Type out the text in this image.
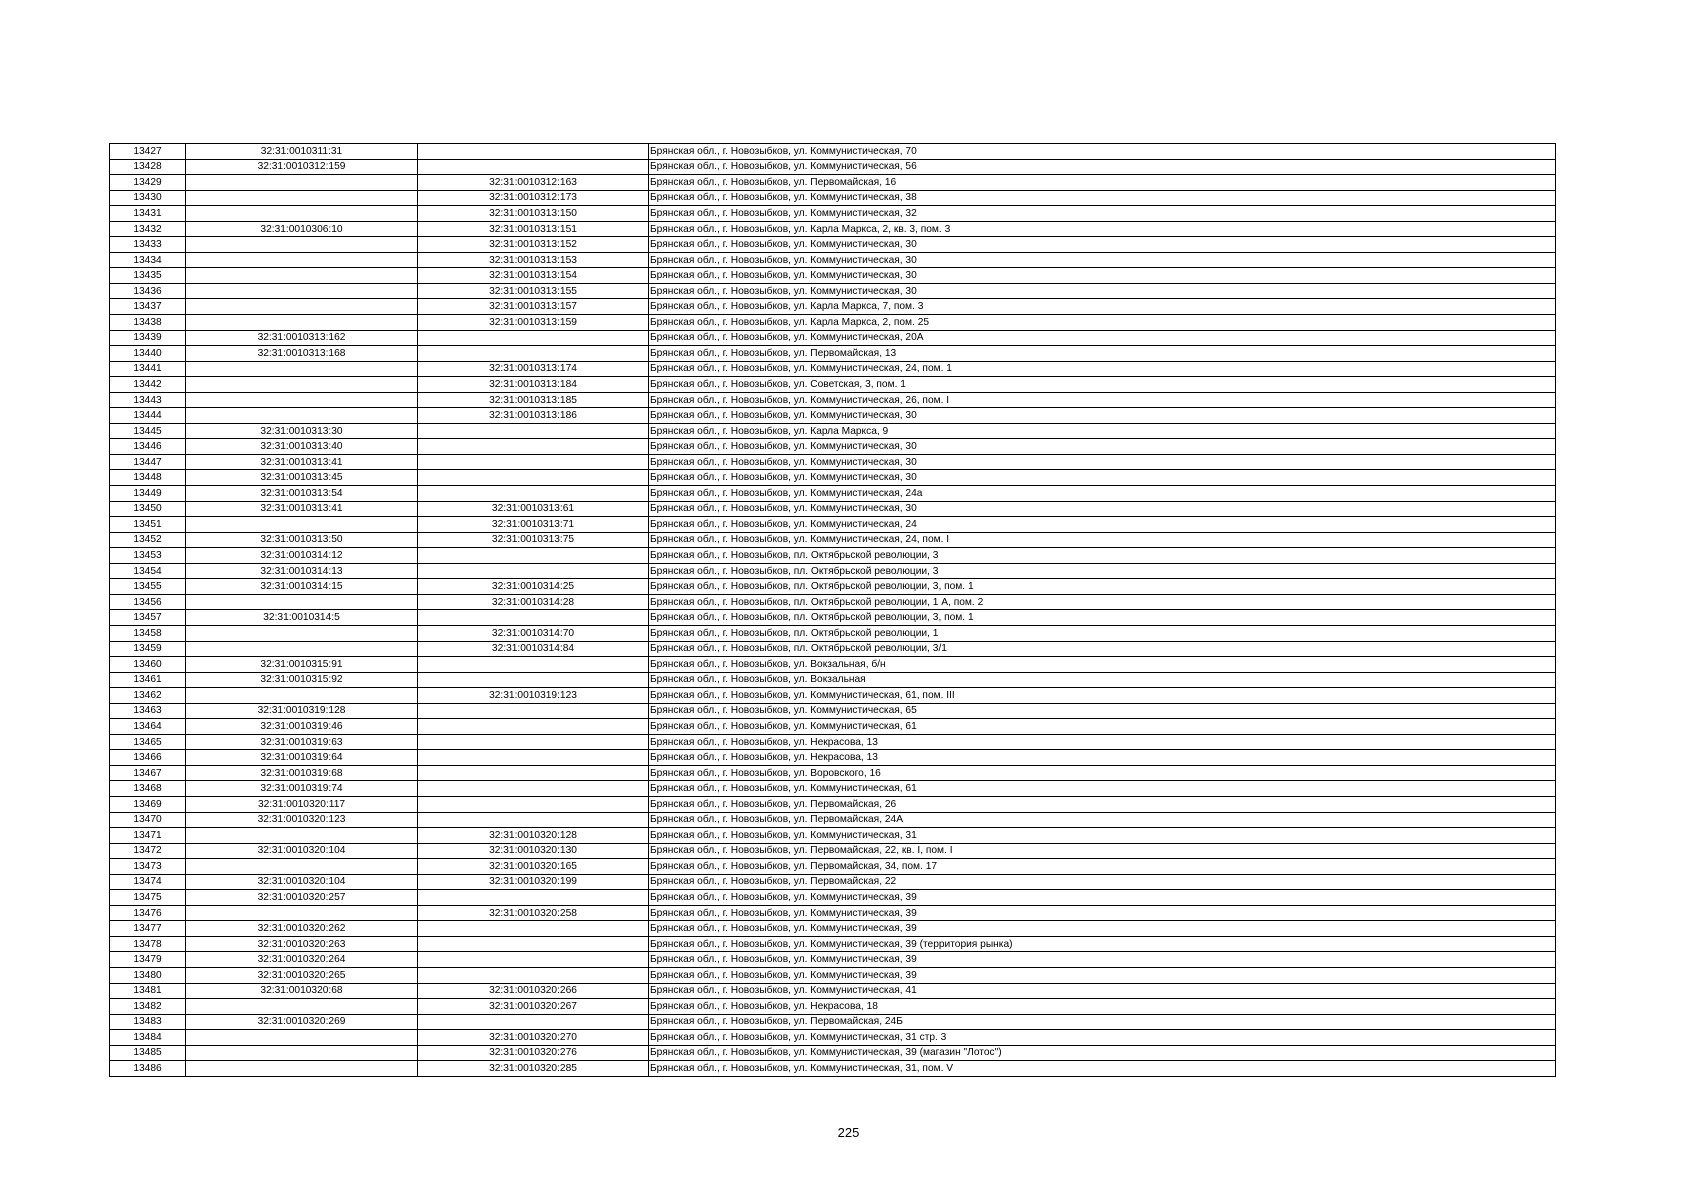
13427	32:31:0010311:31		Брянская обл., г. Новозыбков, ул. Коммунистическая, 70
13428	32:31:0010312:159		Брянская обл., г. Новозыбков, ул. Коммунистическая, 56
13429		32:31:0010312:163	Брянская обл., г. Новозыбков, ул. Первомайская, 16
13430		32:31:0010312:173	Брянская обл., г. Новозыбков, ул. Коммунистическая, 38
13431		32:31:0010313:150	Брянская обл., г. Новозыбков, ул. Коммунистическая, 32
13432	32:31:0010306:10	32:31:0010313:151	Брянская обл., г. Новозыбков, ул. Карла Маркса, 2, кв. 3, пом. 3
13433		32:31:0010313:152	Брянская обл., г. Новозыбков, ул. Коммунистическая, 30
13434		32:31:0010313:153	Брянская обл., г. Новозыбков, ул. Коммунистическая, 30
13435		32:31:0010313:154	Брянская обл., г. Новозыбков, ул. Коммунистическая, 30
13436		32:31:0010313:155	Брянская обл., г. Новозыбков, ул. Коммунистическая, 30
13437		32:31:0010313:157	Брянская обл., г. Новозыбков, ул. Карла Маркса, 7, пом. 3
13438		32:31:0010313:159	Брянская обл., г. Новозыбков, ул. Карла Маркса, 2, пом. 25
13439	32:31:0010313:162		Брянская обл., г. Новозыбков, ул. Коммунистическая, 20А
13440	32:31:0010313:168		Брянская обл., г. Новозыбков, ул. Первомайская, 13
13441		32:31:0010313:174	Брянская обл., г. Новозыбков, ул. Коммунистическая, 24, пом. 1
13442		32:31:0010313:184	Брянская обл., г. Новозыбков, ул. Советская, 3, пом. 1
13443		32:31:0010313:185	Брянская обл., г. Новозыбков, ул. Коммунистическая, 26, пом. I
13444		32:31:0010313:186	Брянская обл., г. Новозыбков, ул. Коммунистическая, 30
13445	32:31:0010313:30		Брянская обл., г. Новозыбков, ул. Карла Маркса, 9
13446	32:31:0010313:40		Брянская обл., г. Новозыбков, ул. Коммунистическая, 30
13447	32:31:0010313:41		Брянская обл., г. Новозыбков, ул. Коммунистическая, 30
13448	32:31:0010313:45		Брянская обл., г. Новозыбков, ул. Коммунистическая, 30
13449	32:31:0010313:54		Брянская обл., г. Новозыбков, ул. Коммунистическая, 24а
13450	32:31:0010313:41	32:31:0010313:61	Брянская обл., г. Новозыбков, ул. Коммунистическая, 30
13451		32:31:0010313:71	Брянская обл., г. Новозыбков, ул. Коммунистическая, 24
13452	32:31:0010313:50	32:31:0010313:75	Брянская обл., г. Новозыбков, ул. Коммунистическая, 24, пом. I
13453	32:31:0010314:12		Брянская обл., г. Новозыбков, пл. Октябрьской революции, 3
13454	32:31:0010314:13		Брянская обл., г. Новозыбков, пл. Октябрьской революции, 3
13455	32:31:0010314:15	32:31:0010314:25	Брянская обл., г. Новозыбков, пл. Октябрьской революции, 3, пом. 1
13456		32:31:0010314:28	Брянская обл., г. Новозыбков, пл. Октябрьской революции, 1 А, пом. 2
13457	32:31:0010314:5		Брянская обл., г. Новозыбков, пл. Октябрьской революции, 3, пом. 1
13458		32:31:0010314:70	Брянская обл., г. Новозыбков, пл. Октябрьской революции, 1
13459		32:31:0010314:84	Брянская обл., г. Новозыбков, пл. Октябрьской революции, 3/1
13460	32:31:0010315:91		Брянская обл., г. Новозыбков, ул. Вокзальная, б/н
13461	32:31:0010315:92		Брянская обл., г. Новозыбков, ул. Вокзальная
13462		32:31:0010319:123	Брянская обл., г. Новозыбков, ул. Коммунистическая, 61, пом. III
13463	32:31:0010319:128		Брянская обл., г. Новозыбков, ул. Коммунистическая, 65
13464	32:31:0010319:46		Брянская обл., г. Новозыбков, ул. Коммунистическая, 61
13465	32:31:0010319:63		Брянская обл., г. Новозыбков, ул. Некрасова, 13
13466	32:31:0010319:64		Брянская обл., г. Новозыбков, ул. Некрасова, 13
13467	32:31:0010319:68		Брянская обл., г. Новозыбков, ул. Воровского, 16
13468	32:31:0010319:74		Брянская обл., г. Новозыбков, ул. Коммунистическая, 61
13469	32:31:0010320:117		Брянская обл., г. Новозыбков, ул. Первомайская, 26
13470	32:31:0010320:123		Брянская обл., г. Новозыбков, ул. Первомайская, 24А
13471		32:31:0010320:128	Брянская обл., г. Новозыбков, ул. Коммунистическая, 31
13472	32:31:0010320:104	32:31:0010320:130	Брянская обл., г. Новозыбков, ул. Первомайская, 22, кв. I, пом. I
13473		32:31:0010320:165	Брянская обл., г. Новозыбков, ул. Первомайская, 34, пом. 17
13474	32:31:0010320:104	32:31:0010320:199	Брянская обл., г. Новозыбков, ул. Первомайская, 22
13475	32:31:0010320:257		Брянская обл., г. Новозыбков, ул. Коммунистическая, 39
13476		32:31:0010320:258	Брянская обл., г. Новозыбков, ул. Коммунистическая, 39
13477	32:31:0010320:262		Брянская обл., г. Новозыбков, ул. Коммунистическая, 39
13478	32:31:0010320:263		Брянская обл., г. Новозыбков, ул. Коммунистическая, 39 (территория рынка)
13479	32:31:0010320:264		Брянская обл., г. Новозыбков, ул. Коммунистическая, 39
13480	32:31:0010320:265		Брянская обл., г. Новозыбков, ул. Коммунистическая, 39
13481	32:31:0010320:68	32:31:0010320:266	Брянская обл., г. Новозыбков, ул. Коммунистическая, 41
13482		32:31:0010320:267	Брянская обл., г. Новозыбков, ул. Некрасова, 18
13483	32:31:0010320:269		Брянская обл., г. Новозыбков, ул. Первомайская, 24Б
13484		32:31:0010320:270	Брянская обл., г. Новозыбков, ул. Коммунистическая, 31 стр. 3
13485		32:31:0010320:276	Брянская обл., г. Новозыбков, ул. Коммунистическая, 39 (магазин "Лотос")
13486		32:31:0010320:285	Брянская обл., г. Новозыбков, ул. Коммунистическая, 31, пом. V
225
